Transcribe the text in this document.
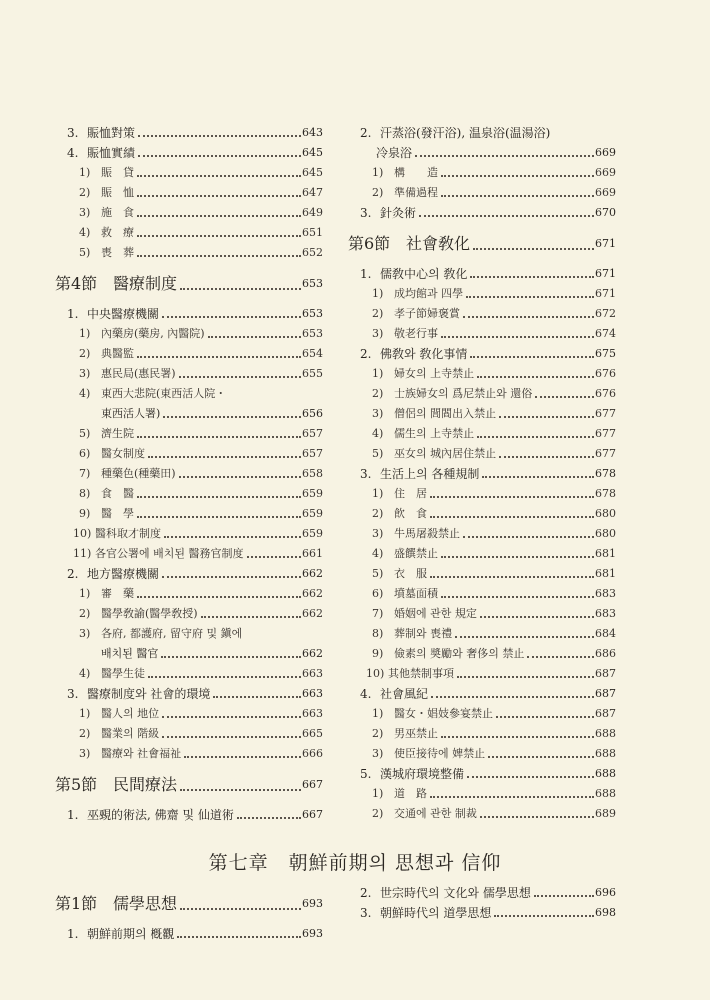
3. 賑恤對策	643
4. 賑恤實績	645
1) 賑　貸	645
2) 賑　恤	647
3) 施　食	649
4) 救　療	651
5) 喪　葬	652
第4節 醫療制度	653
1. 中央醫療機關	653
1) 內藥房(藥房, 內醫院)	653
2) 典醫監	654
3) 惠民局(惠民署)	655
4) 東西大悲院(東西活人院・
東西活人署)	656
5) 濟生院	657
6) 醫女制度	657
7) 種藥色(種藥田)	658
8) 食　醫	659
9) 醫　學	659
10) 醫科取才制度	659
11) 各官公署에 배치된 醫務官制度	661
2. 地方醫療機關	662
1) 審　藥	662
2) 醫學敎諭(醫學敎授)	662
3) 各府, 都護府, 留守府 및 鎭에
배치된 醫官	662
4) 醫學生徒	663
3. 醫療制度와 社會的環境	663
1) 醫人의 地位	663
2) 醫業의 階級	665
3) 醫療와 社會福祉	666
第5節 民間療法	667
1. 巫覡的術法, 佛齋 및 仙道術	667
2. 汗蒸浴(發汗浴), 温泉浴(温湯浴)
冷泉浴	669
1) 構　　造	669
2) 準備過程	669
3. 針灸術	670
第6節 社會敎化	671
1. 儒敎中心의 敎化	671
1) 成均館과 四學	671
2) 孝子節婦褒賞	672
3) 敬老行事	674
2. 佛敎와 敎化事情	675
1) 婦女의 上寺禁止	676
2) 士族婦女의 爲尼禁止와 還俗	676
3) 僧侶의 閭閻出入禁止	677
4) 儒生의 上寺禁止	677
5) 巫女의 城內居住禁止	677
3. 生活上의 各種規制	678
1) 住　居	678
2) 飮　食	680
3) 牛馬屠殺禁止	680
4) 盛饌禁止	681
5) 衣　服	681
6) 墳墓面積	683
7) 婚姻에 관한 規定	683
8) 葬制와 喪禮	684
9) 儉素의 奬勵와 奢侈의 禁止	686
10) 其他禁制事項	687
4. 社會風紀	687
1) 醫女・娼妓參宴禁止	687
2) 男巫禁止	688
3) 使臣接待에 婢禁止	688
5. 漢城府環境整備	688
1) 道　路	688
2) 交通에 관한 制裁	689
第七章　朝鮮前期의 思想과 信仰
第1節 儒學思想	693
1. 朝鮮前期의 槪觀	693
2. 世宗時代의 文化와 儒學思想	696
3. 朝鮮時代의 道學思想	698
